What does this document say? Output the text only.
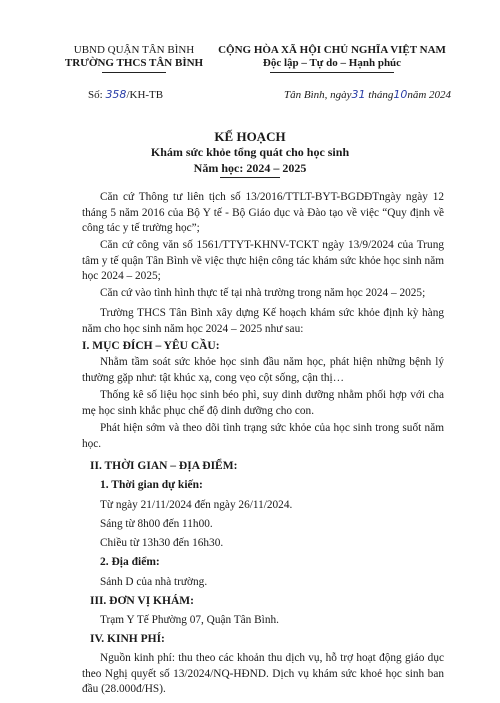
UBND QUẬN TÂN BÌNH
TRƯỜNG THCS TÂN BÌNH
Số: 358/KH-TB
CỘNG HÒA XÃ HỘI CHỦ NGHĨA VIỆT NAM
Độc lập – Tự do – Hạnh phúc
Tân Bình, ngày31 tháng10năm 2024
KẾ HOẠCH
Khám sức khỏe tổng quát cho học sinh
Năm học: 2024 – 2025
Căn cứ Thông tư liên tịch số 13/2016/TTLT-BYT-BGDĐTngày ngày 12 tháng 5 năm 2016 của Bộ Y tế - Bộ Giáo dục và Đào tạo về việc “Quy định về công tác y tế trường học”;
Căn cứ công văn số 1561/TTYT-KHNV-TCKT ngày 13/9/2024 của Trung tâm y tế quận Tân Bình về việc thực hiện công tác khám sức khỏe học sinh năm học 2024 – 2025;
Căn cứ vào tình hình thực tế tại nhà trường trong năm học 2024 – 2025;
Trường THCS Tân Bình xây dựng Kế hoạch khám sức khỏe định kỳ hàng năm cho học sinh năm học 2024 – 2025 như sau:
I. MỤC ĐÍCH – YÊU CẦU:
Nhằm tầm soát sức khỏe học sinh đầu năm học, phát hiện những bệnh lý thường gặp như: tật khúc xạ, cong vẹo cột sống, cận thị…
Thống kê số liệu học sinh béo phì, suy dinh dưỡng nhằm phối hợp với cha mẹ học sinh khắc phục chế độ dinh dưỡng cho con.
Phát hiện sớm và theo dõi tình trạng sức khỏe của học sinh trong suốt năm học.
II. THỜI GIAN – ĐỊA ĐIỂM:
1. Thời gian dự kiến:
Từ ngày 21/11/2024 đến ngày 26/11/2024.
Sáng từ 8h00 đến 11h00.
Chiều từ 13h30 đến 16h30.
2. Địa điểm:
Sảnh D của nhà trường.
III. ĐƠN VỊ KHÁM:
Trạm Y Tế Phường 07, Quận Tân Bình.
IV. KINH PHÍ:
Nguồn kinh phí: thu theo các khoản thu dịch vụ, hỗ trợ hoạt động giáo dục theo Nghị quyết số 13/2024/NQ-HĐND. Dịch vụ khám sức khoẻ học sinh ban đầu (28.000đ/HS).
